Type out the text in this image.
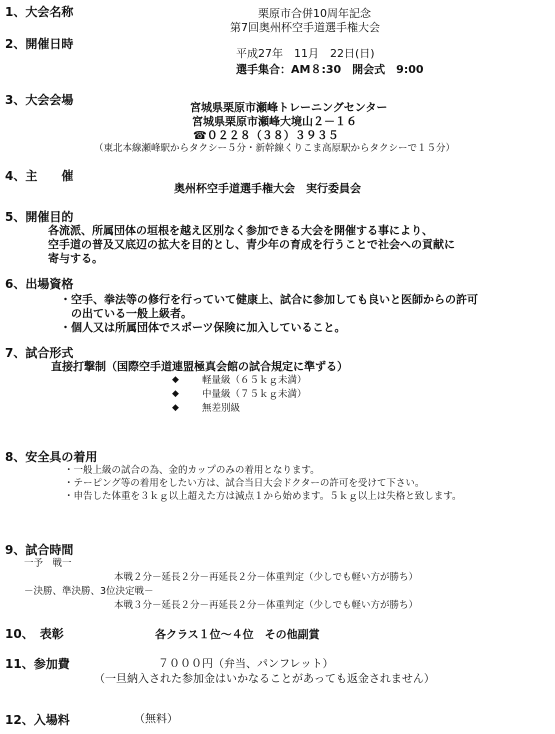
1、大会名称	栗原市合併10周年記念
第7回奥州杯空手道選手権大会
2、開催日時
平成27年　11月　22日(日)
選手集合：AM８:30　開会式　9:00
3、大会会場
宮城県栗原市瀬峰トレーニングセンター
宮城県栗原市瀬峰大境山２－１６
☎０２２８（３８）３９３５
（東北本線瀬峰駅からタクシー５分・新幹線くりこま高原駅からタクシーで１５分）
4、主　　催
奥州杯空手道選手権大会　実行委員会
5、開催目的
各流派、所属団体の垣根を越え区別なく参加できる大会を開催する事により、
空手道の普及又底辺の拡大を目的とし、青少年の育成を行うことで社会への貢献に
寄与する。
6、出場資格
・空手、拳法等の修行を行っていて健康上、試合に参加しても良いと医師からの許可
の出ている一般上級者。
・個人又は所属団体でスポーツ保険に加入していること。
7、試合形式
直接打撃制（国際空手道連盟極真会館の試合規定に準ずる）
◆ 軽量級（６５ｋｇ未満）
◆ 中量級（７５ｋｇ未満）
◆ 無差別級
8、安全具の着用
・一般上級の試合の為、金的カップのみの着用となります。
・テーピング等の着用をしたい方は、試合当日大会ドクターの許可を受けて下さい。
・申告した体重を３ｋｇ以上超えた方は減点１から始めます。５ｋｇ以上は失格と致します。
9、試合時間
一予　戦一
本戦２分－延長２分－再延長２分－体重判定（少しでも軽い方が勝ち）
－決勝、準決勝、3位決定戦－
本戦３分－延長２分－再延長２分－体重判定（少しでも軽い方が勝ち）
10、　表彰	各クラス１位～４位　その他副賞
11、参加費	７０００円（弁当、パンフレット）
（一旦納入された参加金はいかなることがあっても返金されません）
12、入場料	（無料）
